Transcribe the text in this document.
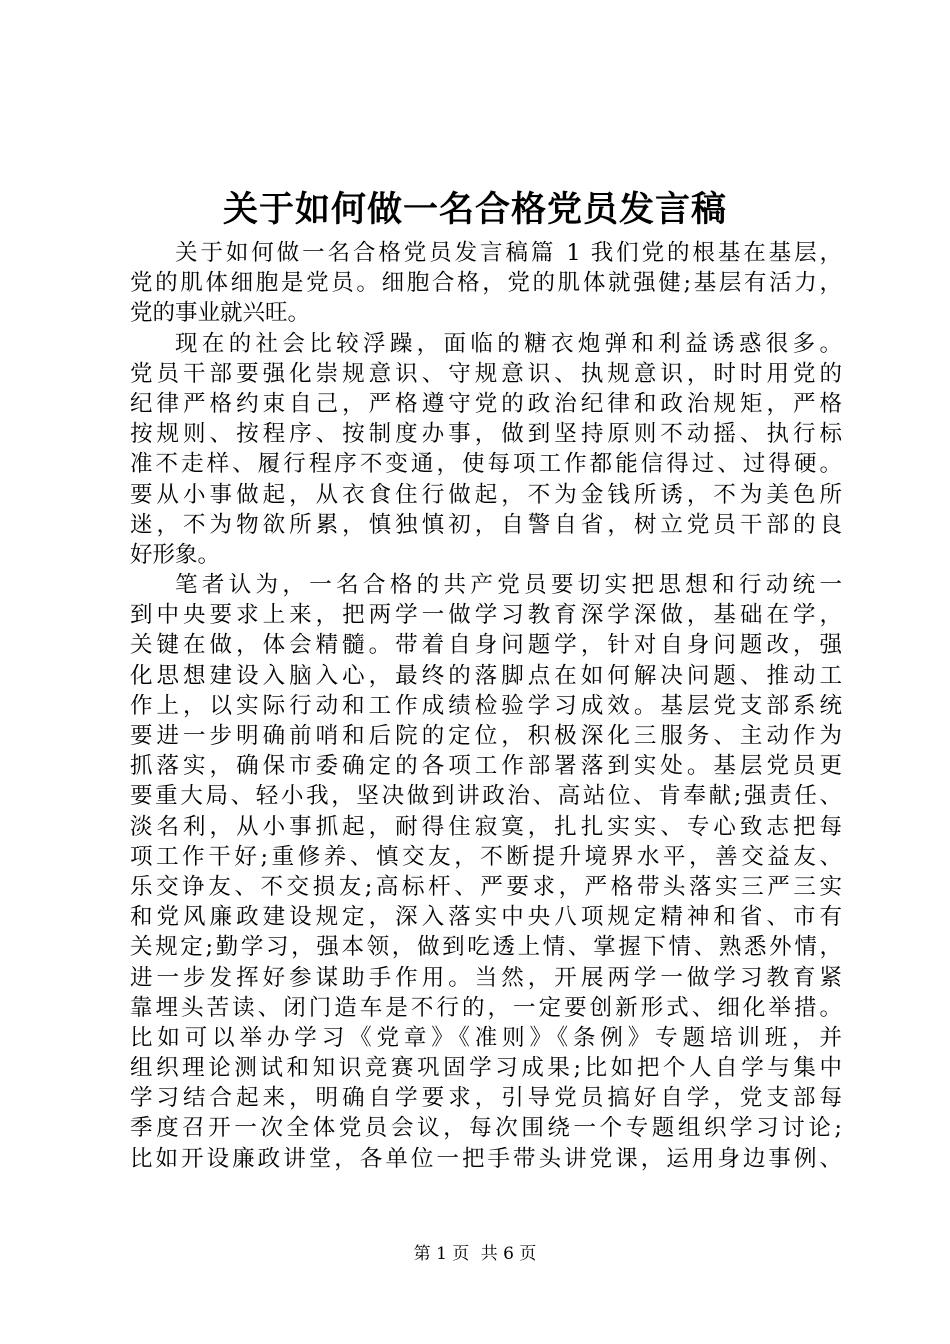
关于如何做一名合格党员发言稿
关于如何做一名合格党员发言稿篇 1 我们党的根基在基层，
党的肌体细胞是党员。细胞合格，党的肌体就强健;基层有活力，
党的事业就兴旺。
现在的社会比较浮躁，面临的糖衣炮弹和利益诱惑很多。
党员干部要强化崇规意识、守规意识、执规意识，时时用党的
纪律严格约束自己，严格遵守党的政治纪律和政治规矩，严格
按规则、按程序、按制度办事，做到坚持原则不动摇、执行标
准不走样、履行程序不变通，使每项工作都能信得过、过得硬。
要从小事做起，从衣食住行做起，不为金钱所诱，不为美色所
迷，不为物欲所累，慎独慎初，自警自省，树立党员干部的良
好形象。
笔者认为，一名合格的共产党员要切实把思想和行动统一
到中央要求上来，把两学一做学习教育深学深做，基础在学，
关键在做，体会精髓。带着自身问题学，针对自身问题改，强
化思想建设入脑入心，最终的落脚点在如何解决问题、推动工
作上，以实际行动和工作成绩检验学习成效。基层党支部系统
要进一步明确前哨和后院的定位，积极深化三服务、主动作为
抓落实，确保市委确定的各项工作部署落到实处。基层党员更
要重大局、轻小我，坚决做到讲政治、高站位、肯奉献;强责任、
淡名利，从小事抓起，耐得住寂寞，扎扎实实、专心致志把每
项工作干好;重修养、慎交友，不断提升境界水平，善交益友、
乐交诤友、不交损友;高标杆、严要求，严格带头落实三严三实
和党风廉政建设规定，深入落实中央八项规定精神和省、市有
关规定;勤学习，强本领，做到吃透上情、掌握下情、熟悉外情，
进一步发挥好参谋助手作用。当然，开展两学一做学习教育紧
靠埋头苦读、闭门造车是不行的，一定要创新形式、细化举措。
比如可以举办学习《党章》《准则》《条例》专题培训班，并
组织理论测试和知识竞赛巩固学习成果;比如把个人自学与集中
学习结合起来，明确自学要求，引导党员搞好自学，党支部每
季度召开一次全体党员会议，每次围绕一个专题组织学习讨论;
比如开设廉政讲堂，各单位一把手带头讲党课，运用身边事例、
第 1 页 共 6 页
